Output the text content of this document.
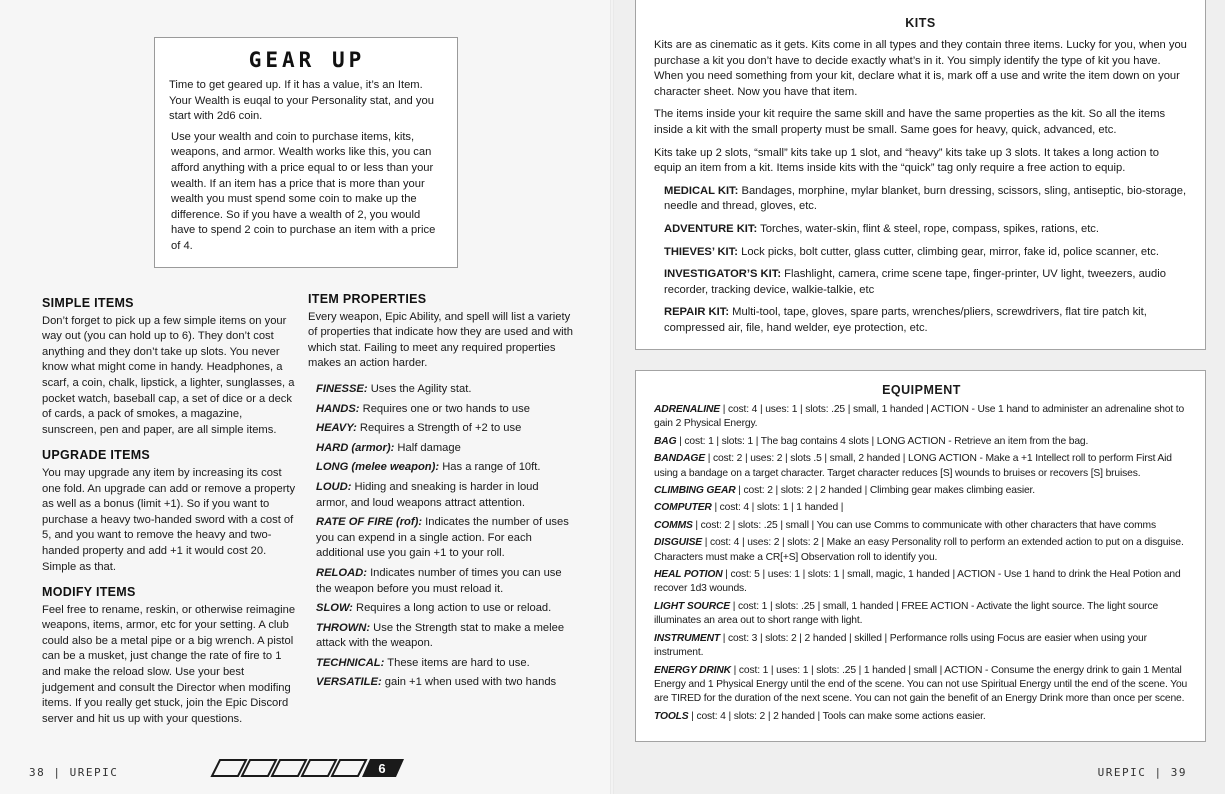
GEAR UP

Time to get geared up. If it has a value, it’s an Item. Your Wealth is euqal to your Personality stat, and you start with 2d6 coin.

Use your wealth and coin to purchase items, kits, weapons, and armor. Wealth works like this, you can afford anything with a price equal to or less than your wealth. If an item has a price that is more than your wealth you must spend some coin to make up the difference. So if you have a wealth of 2, you would have to spend 2 coin to purchase an item with a price of 4.

SIMPLE ITEMS

Don’t forget to pick up a few simple items on your way out (you can hold up to 6). They don’t cost anything and they don’t take up slots. You never know what might come in handy. Headphones, a scarf, a coin, chalk, lipstick, a lighter, sunglasses, a pocket watch, baseball cap, a set of dice or a deck of cards, a pack of smokes, a magazine, sunscreen, pen and paper, are all simple items.

UPGRADE ITEMS

You may upgrade any item by increasing its cost one fold. An upgrade can add or remove a property as well as a bonus (limit +1). So if you want to purchase a heavy two-handed sword with a cost of 5, and you want to remove the heavy and two-handed property and add +1 it would cost 20. Simple as that.

MODIFY ITEMS

Feel free to rename, reskin, or otherwise reimagine weapons, items, armor, etc for your setting. A club could also be a metal pipe or a big wrench. A pistol can be a musket, just change the rate of fire to 1 and make the reload slow. Use your best judgement and consult the Director when modifing items. If you really get stuck, join the Epic Discord server and hit us up with your questions.

ITEM PROPERTIES

Every weapon, Epic Ability, and spell will list a variety of properties that indicate how they are used and with which stat. Failing to meet any required properties makes an action harder.

FINESSE: Uses the Agility stat.
HANDS: Requires one or two hands to use
HEAVY: Requires a Strength of +2 to use
HARD (armor): Half damage
LONG (melee weapon): Has a range of 10ft.
LOUD: Hiding and sneaking is harder in loud armor, and loud weapons attract attention.
RATE OF FIRE (rof): Indicates the number of uses you can expend in a single action. For each additional use you gain +1 to your roll.
RELOAD: Indicates number of times you can use the weapon before you must reload it.
SLOW: Requires a long action to use or reload.
THROWN: Use the Strength stat to make a melee attack with the weapon.
TECHNICAL: These items are hard to use.
VERSATILE: gain +1 when used with two hands
KITS

Kits are as cinematic as it gets. Kits come in all types and they contain three items. Lucky for you, when you purchase a kit you don’t have to decide exactly what’s in it. You simply identify the type of kit you have. When you need something from your kit, declare what it is, mark off a use and write the item down on your character sheet. Now you have that item.

The items inside your kit require the same skill and have the same properties as the kit. So all the items inside a kit with the small property must be small. Same goes for heavy, quick, advanced, etc.

Kits take up 2 slots, “small” kits take up 1 slot, and “heavy” kits take up 3 slots. It takes a long action to equip an item from a kit. Items inside kits with the “quick” tag only require a free action to equip.

MEDICAL KIT: Bandages, morphine, mylar blanket, burn dressing, scissors, sling, antiseptic, bio-storage, needle and thread, gloves, etc.
ADVENTURE KIT: Torches, water-skin, flint & steel, rope, compass, spikes, rations, etc.
THIEVES’ KIT: Lock picks, bolt cutter, glass cutter, climbing gear, mirror, fake id, police scanner, etc.
INVESTIGATOR’S KIT: Flashlight, camera, crime scene tape, finger-printer, UV light, tweezers, audio recorder, tracking device, walkie-talkie, etc
REPAIR KIT: Multi-tool, tape, gloves, spare parts, wrenches/pliers, screwdrivers, flat tire patch kit, compressed air, file, hand welder, eye protection, etc.
EQUIPMENT
ADRENALINE | cost: 4 | uses: 1 | slots: .25 | small, 1 handed | ACTION - Use 1 hand to administer an adrenaline shot to gain 2 Physical Energy.
BAG | cost: 1 | slots: 1 | The bag contains 4 slots | LONG ACTION - Retrieve an item from the bag.
BANDAGE | cost: 2 | uses: 2 | slots .5 | small, 2 handed | LONG ACTION - Make a +1 Intellect roll to perform First Aid using a bandage on a target character. Target character reduces [S] wounds to bruises or recovers [S] bruises.
CLIMBING GEAR | cost: 2 | slots: 2 | 2 handed | Climbing gear makes climbing easier.
COMPUTER | cost: 4 | slots: 1 | 1 handed |
COMMS | cost: 2 | slots: .25 | small | You can use Comms to communicate with other characters that have comms
DISGUISE | cost: 4 | uses: 2 | slots: 2 | Make an easy Personality roll to perform an extended action to put on a disguise. Characters must make a CR[+S] Observation roll to identify you.
HEAL POTION | cost: 5 | uses: 1 | slots: 1 | small, magic, 1 handed | ACTION - Use 1 hand to drink the Heal Potion and recover 1d3 wounds.
LIGHT SOURCE | cost: 1 | slots: .25 | small, 1 handed | FREE ACTION - Activate the light source. The light source illuminates an area out to short range with light.
INSTRUMENT | cost: 3 | slots: 2 | 2 handed | skilled | Performance rolls using Focus are easier when using your instrument.
ENERGY DRINK | cost: 1 | uses: 1 | slots: .25 | 1 handed | small | ACTION - Consume the energy drink to gain 1 Mental Energy and 1 Physical Energy until the end of the scene. You can not use Spiritual Energy until the end of the scene. You are TIRED for the duration of the next scene. You can not gain the benefit of an Energy Drink more than once per scene.
TOOLS | cost: 4 | slots: 2 | 2 handed | Tools can make some actions easier.
38 | UREPIC	UREPIC | 39
6
